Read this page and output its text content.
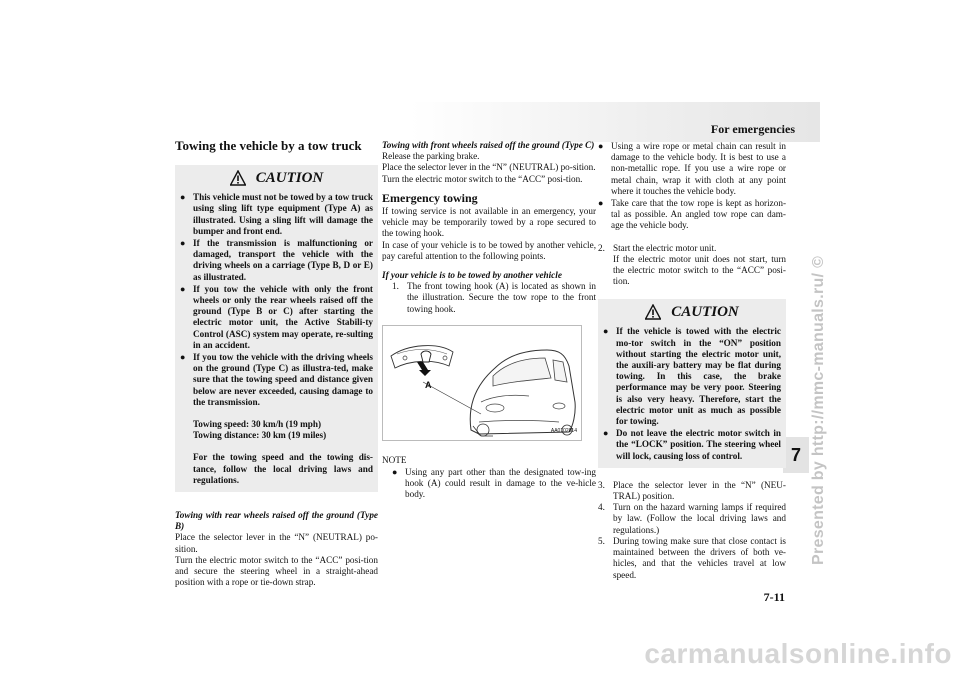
For emergencies
7 Presented by http://mmc-manuals.ru/ ©
7-11
carmanualsonline.info
Towing the vehicle by a tow truck
CAUTION
● This vehicle must not be towed by a tow truck using sling lift type equipment (Type A) as illustrated. Using a sling lift will damage the bumper and front end.
● If the transmission is malfunctioning or damaged, transport the vehicle with the driving wheels on a carriage (Type B, D or E) as illustrated.
● If you tow the vehicle with only the front wheels or only the rear wheels raised off the ground (Type B or C) after starting the electric motor unit, the Active Stabili-ty Control (ASC) system may operate, re-sulting in an accident.
● If you tow the vehicle with the driving wheels on the ground (Type C) as illustra-ted, make sure that the towing speed and distance given below are never exceeded, causing damage to the transmission.
Towing speed: 30 km/h (19 mph)
Towing distance: 30 km (19 miles)
For the towing speed and the towing dis-tance, follow the local driving laws and regulations.

Towing with rear wheels raised off the ground (Type B)

Place the selector lever in the “N” (NEUTRAL) po-sition.

Turn the electric motor switch to the “ACC” posi-tion and secure the steering wheel in a straight-ahead position with a rope or tie-down strap.

Towing with front wheels raised off the ground (Type C)

Release the parking brake.

Place the selector lever in the “N” (NEUTRAL) po-sition.

Turn the electric motor switch to the “ACC” posi-tion.

Emergency towing

If towing service is not available in an emergency, your vehicle may be temporarily towed by a rope secured to the towing hook.

In case of your vehicle is to be towed by another vehicle, pay careful attention to the following points.

If your vehicle is to be towed by another vehicle

1. The front towing hook (A) is located as shown in the illustration. Secure the tow rope to the front towing hook.
A
AA0102814

NOTE

● Using any part other than the designated tow-ing hook (A) could result in damage to the ve-hicle body.
● Using a wire rope or metal chain can result in damage to the vehicle body. It is best to use a non-metallic rope. If you use a wire rope or metal chain, wrap it with cloth at any point where it touches the vehicle body.
● Take care that the tow rope is kept as horizon-tal as possible. An angled tow rope can dam-age the vehicle body.
2. Start the electric motor unit.

If the electric motor unit does not start, turn the electric motor switch to the “ACC” posi-tion.

CAUTION
● If the vehicle is towed with the electric mo-tor switch in the “ON” position without starting the electric motor unit, the auxili-ary battery may be flat during towing. In this case, the brake performance may be very poor. Steering is also very heavy. Therefore, start the electric motor unit as much as possible for towing.
● Do not leave the electric motor switch in the “LOCK” position. The steering wheel will lock, causing loss of control.
3. Place the selector lever in the “N” (NEU-TRAL) position.
4. Turn on the hazard warning lamps if required by law. (Follow the local driving laws and regulations.)
5. During towing make sure that close contact is maintained between the drivers of both ve-hicles, and that the vehicles travel at low speed.
